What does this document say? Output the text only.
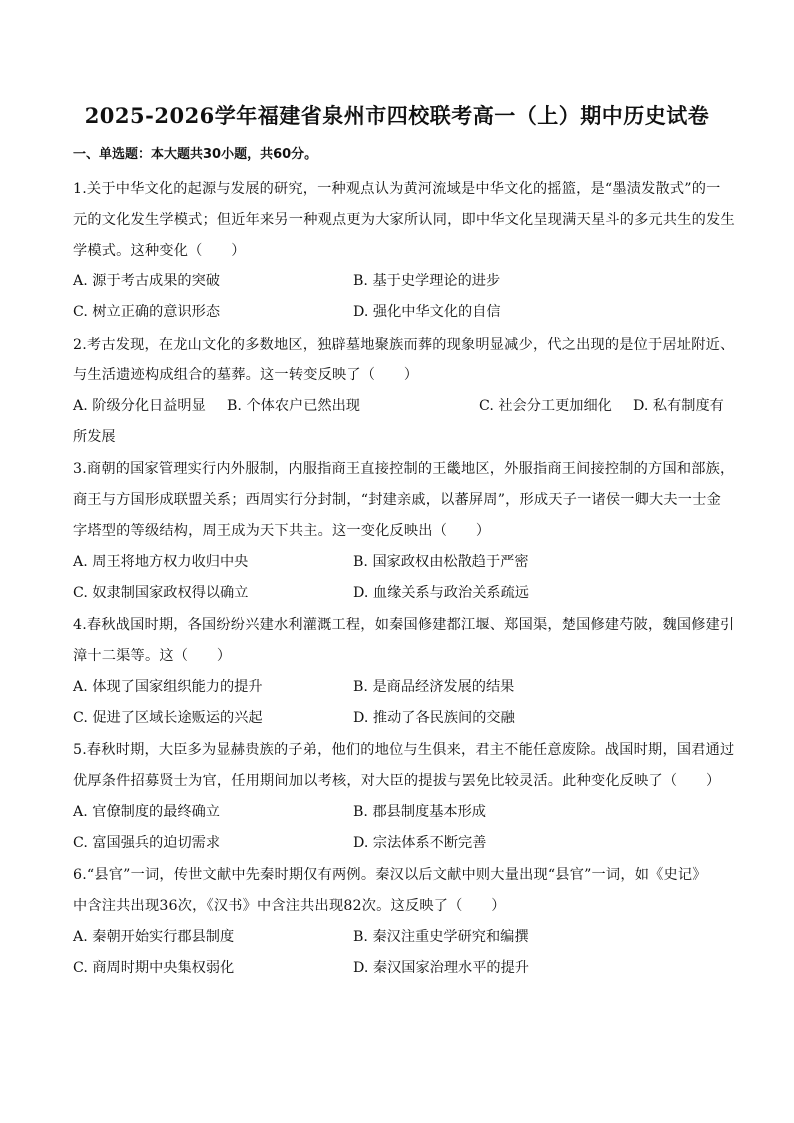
2025-2026学年福建省泉州市四校联考高一（上）期中历史试卷
一、单选题：本大题共30小题，共60分。
1.关于中华文化的起源与发展的研究，一种观点认为黄河流域是中华文化的摇篮，是“墨渍发散式”的一
元的文化发生学模式；但近年来另一种观点更为大家所认同，即中华文化呈现满天星斗的多元共生的发生
学模式。这种变化（　　）
A. 源于考古成果的突破	B. 基于史学理论的进步
C. 树立正确的意识形态	D. 强化中华文化的自信
2.考古发现，在龙山文化的多数地区，独辟墓地聚族而葬的现象明显减少，代之出现的是位于居址附近、
与生活遗迹构成组合的墓葬。这一转变反映了（　　）
A. 阶级分化日益明显 B. 个体农户已然出现	C. 社会分工更加细化 D. 私有制度有
所发展
3.商朝的国家管理实行内外服制，内服指商王直接控制的王畿地区，外服指商王间接控制的方国和部族，
商王与方国形成联盟关系；西周实行分封制，“封建亲戚，以蕃屏周”，形成天子一诸侯一卿大夫一士金
字塔型的等级结构，周王成为天下共主。这一变化反映出（　　）
A. 周王将地方权力收归中央	B. 国家政权由松散趋于严密
C. 奴隶制国家政权得以确立	D. 血缘关系与政治关系疏远
4.春秋战国时期，各国纷纷兴建水利灌溉工程，如秦国修建都江堰、郑国渠，楚国修建芍陂，魏国修建引
漳十二渠等。这（　　）
A. 体现了国家组织能力的提升	B. 是商品经济发展的结果
C. 促进了区域长途贩运的兴起	D. 推动了各民族间的交融
5.春秋时期，大臣多为显赫贵族的子弟，他们的地位与生俱来，君主不能任意废除。战国时期，国君通过
优厚条件招募贤士为官，任用期间加以考核，对大臣的提拔与罢免比较灵活。此种变化反映了（　　）
A. 官僚制度的最终确立	B. 郡县制度基本形成
C. 富国强兵的迫切需求	D. 宗法体系不断完善
6.“县官”一词，传世文献中先秦时期仅有两例。秦汉以后文献中则大量出现“县官”一词，如《史记》
中含注共出现36次，《汉书》中含注共出现82次。这反映了（　　）
A. 秦朝开始实行郡县制度	B. 秦汉注重史学研究和编撰
C. 商周时期中央集权弱化	D. 秦汉国家治理水平的提升
